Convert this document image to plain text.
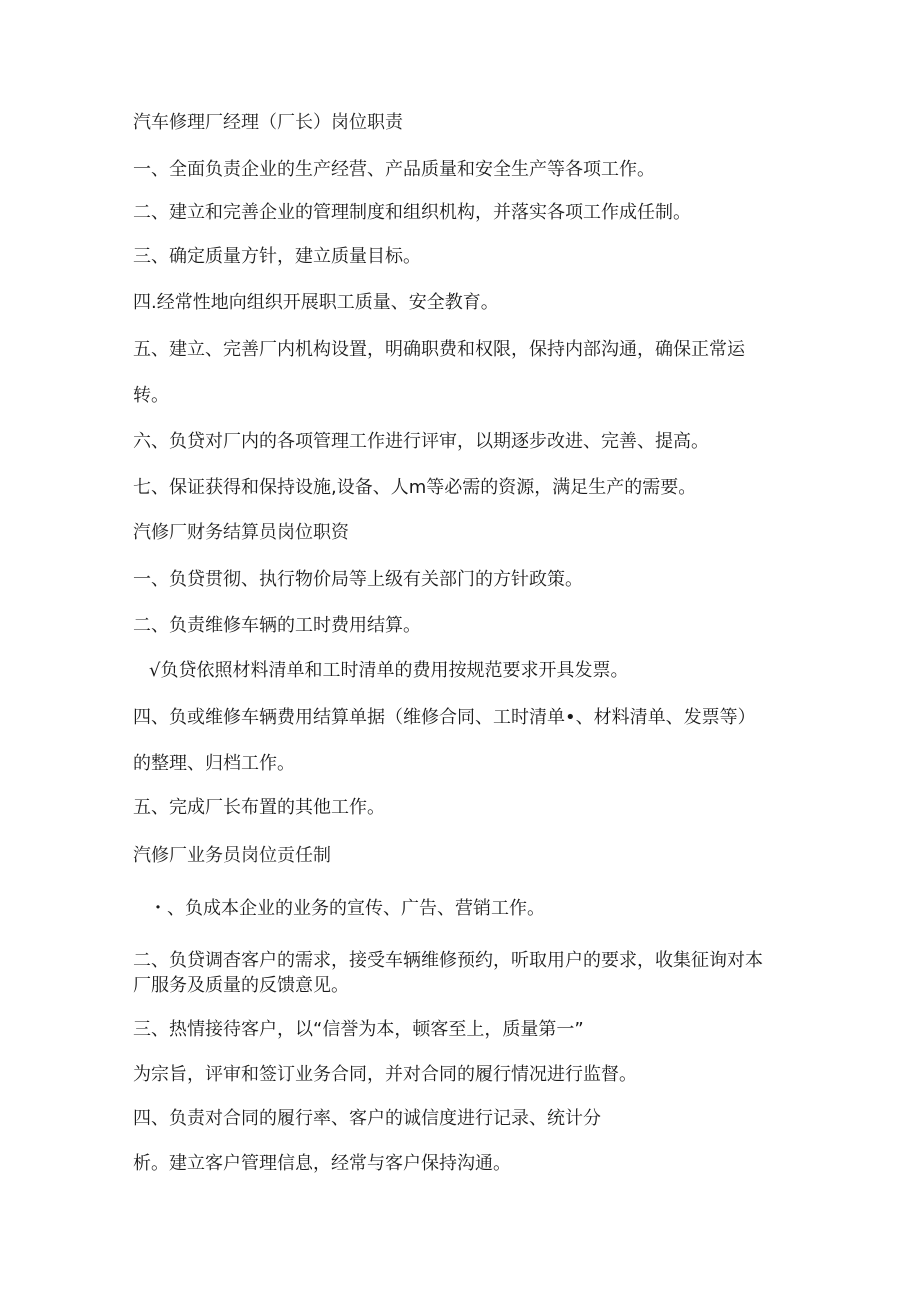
汽车修理厂经理（厂长）岗位职责

一、全面负责企业的生产经营、产品质量和安全生产等各项工作。

二、建立和完善企业的管理制度和组织机构，并落实各项工作成任制。

三、确定质量方针，建立质量目标。

四.经常性地向组织开展职工质量、安全教育。

五、建立、完善厂内机构设置，明确职费和权限，保持内部沟通，确保正常运

转。

六、负贷对厂内的各项管理工作进行评审，以期逐步改进、完善、提高。

七、保证获得和保持设施,设备、人m等必需的资源，满足生产的需要。

汽修厂财务结算员岗位职资

一、负贷贯彻、执行物价局等上级有关部门的方针政策。

二、负责维修车辆的工时费用结算。

√负贷依照材料清单和工时清单的费用按规范要求开具发票。

四、负或维修车辆费用结算单据（维修合同、工时清单•、材料清单、发票等）

的整理、归档工作。

五、完成厂长布置的其他工作。

汽修厂业务员岗位贡任制

・、负成本企业的业务的宣传、广告、营销工作。

二、负贷调杳客户的需求，接受车辆维修预约，听取用户的要求，收集征询对本

厂服务及质量的反馈意见。

三、热情接待客户，以“信誉为本，顿客至上，质量第一”

为宗旨，评审和签订业务合同，并对合同的履行情况进行监督。

四、负责对合同的履行率、客户的诚信度进行记录、统计分

析。建立客户管理信息，经常与客户保持沟通。
